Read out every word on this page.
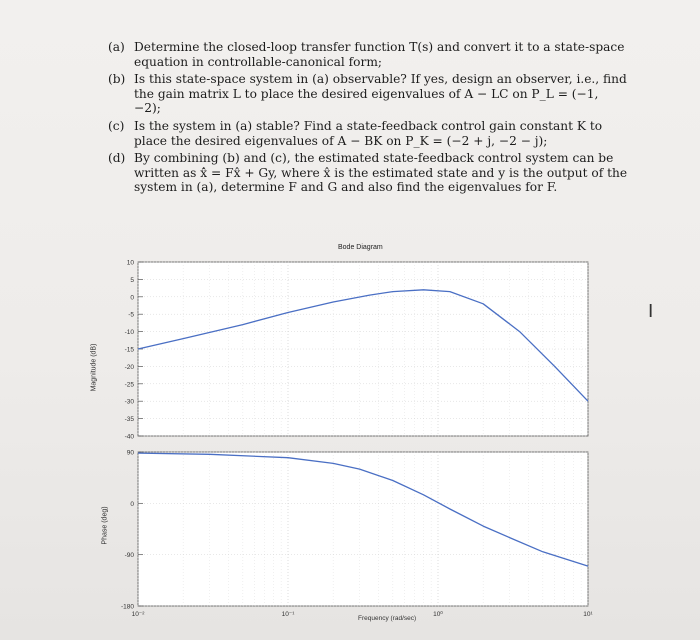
(a) Determine the closed-loop transfer function T(s) and convert it to a state-space equation in controllable-canonical form;
(b) Is this state-space system in (a) observable? If yes, design an observer, i.e., find the gain matrix L to place the desired eigenvalues of A − LC on P_L = (−1, −2);
(c) Is the system in (a) stable? Find a state-feedback control gain constant K to place the desired eigenvalues of A − BK on P_K = (−2 + j, −2 − j);
(d) By combining (b) and (c), the estimated state-feedback control system can be written as x̂̇ = Fx̂ + Gy, where x̂ is the estimated state and y is the output of the system in (a), determine F and G and also find the eigenvalues for F.
I
Bode Diagram
Magnitude (dB)
Phase (deg)
Frequency (rad/sec)
10
5
0
-5
-10
-15
-20
-25
-30
-35
-40
90
0
-90
-180
10⁻²	10⁻¹	10⁰	10¹
